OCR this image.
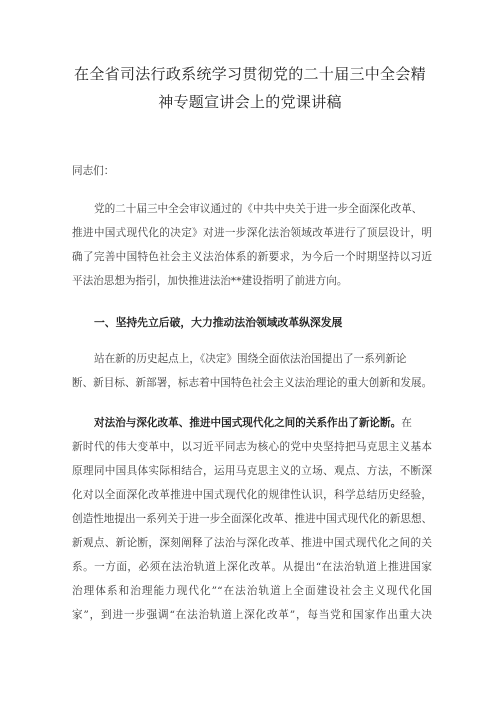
在全省司法行政系统学习贯彻党的二十届三中全会精
神专题宣讲会上的党课讲稿
同志们：
党的二十届三中全会审议通过的《中共中央关于进一步全面深化改革、
推进中国式现代化的决定》对进一步深化法治领域改革进行了顶层设计，明
确了完善中国特色社会主义法治体系的新要求，为今后一个时期坚持以习近
平法治思想为指引，加快推进法治**建设指明了前进方向。
一、坚持先立后破，大力推动法治领域改革纵深发展
站在新的历史起点上，《决定》围绕全面依法治国提出了一系列新论
断、新目标、新部署，标志着中国特色社会主义法治理论的重大创新和发展。
对法治与深化改革、推进中国式现代化之间的关系作出了新论断。在
新时代的伟大变革中，以习近平同志为核心的党中央坚持把马克思主义基本
原理同中国具体实际相结合，运用马克思主义的立场、观点、方法，不断深
化对以全面深化改革推进中国式现代化的规律性认识，科学总结历史经验，
创造性地提出一系列关于进一步全面深化改革、推进中国式现代化的新思想、
新观点、新论断，深刻阐释了法治与深化改革、推进中国式现代化之间的关
系。一方面，必须在法治轨道上深化改革。从提出“在法治轨道上推进国家
治理体系和治理能力现代化”“在法治轨道上全面建设社会主义现代化国
家”，到进一步强调“在法治轨道上深化改革”，每当党和国家作出重大决
